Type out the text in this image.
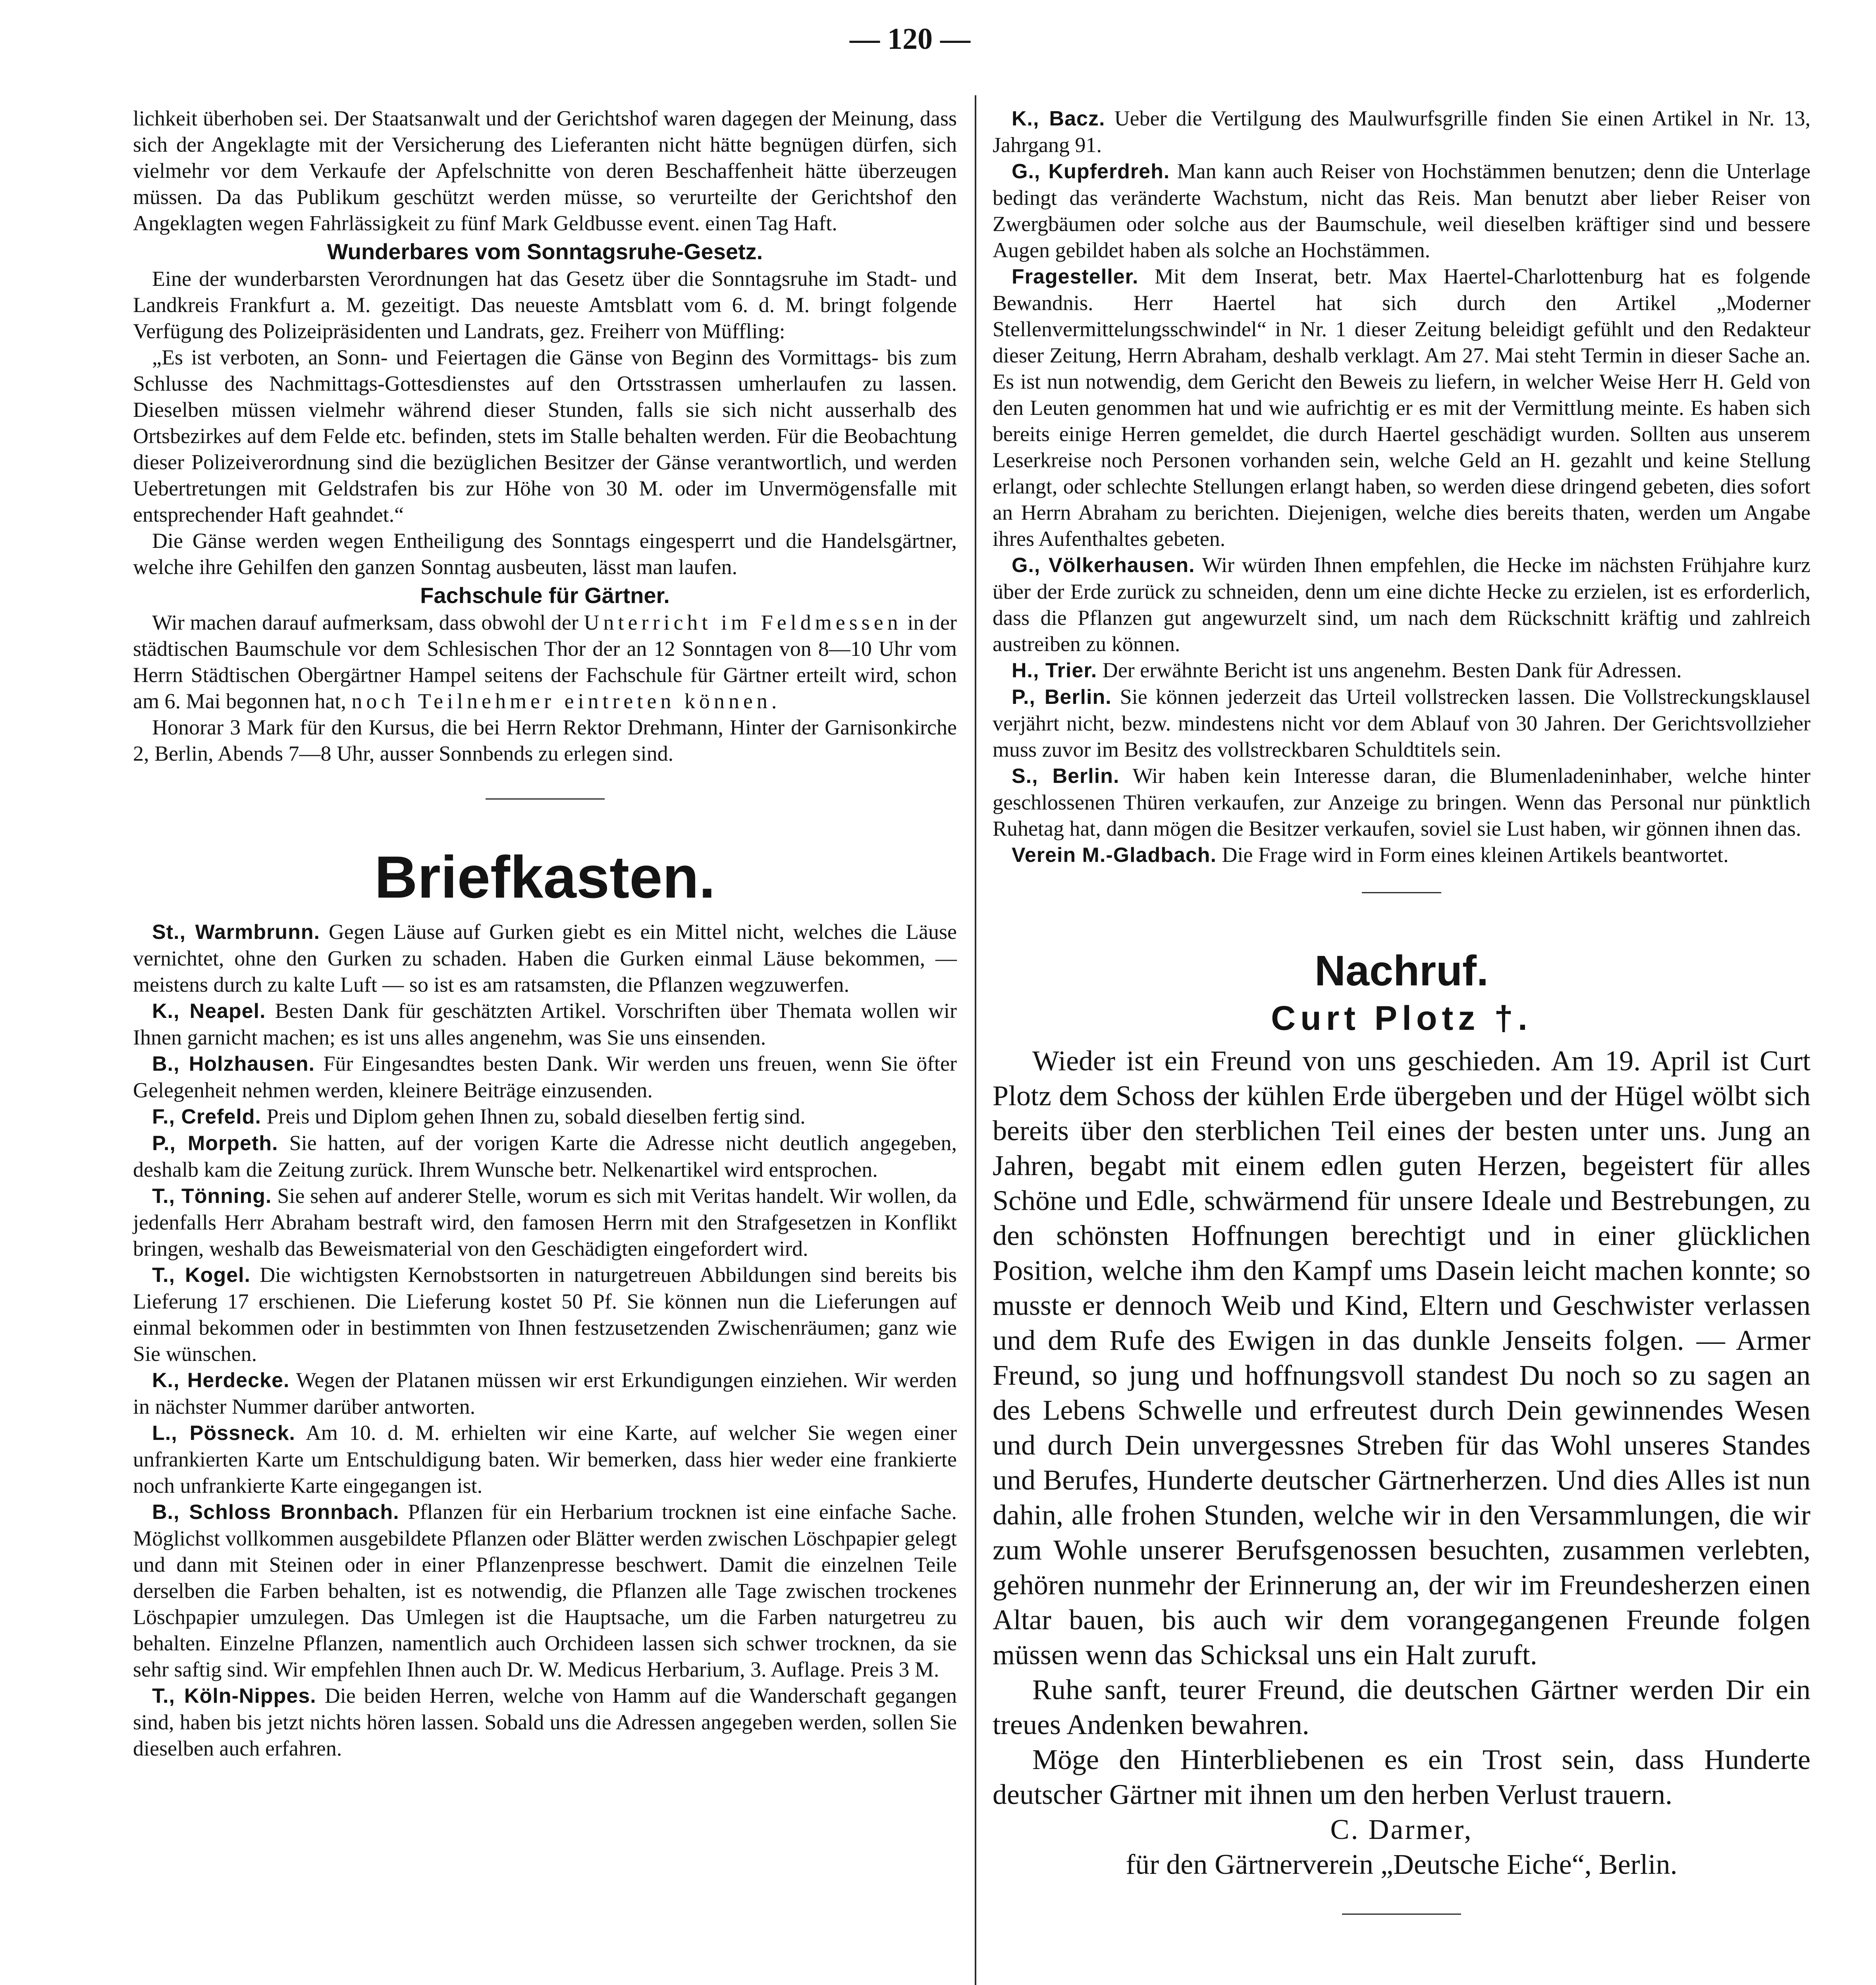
— 120 —

lichkeit überhoben sei. Der Staatsanwalt und der Gerichtshof waren dagegen der Meinung, dass sich der Angeklagte mit der Versicherung des Lieferanten nicht hätte begnügen dürfen, sich vielmehr vor dem Verkaufe der Apfelschnitte von deren Beschaffenheit hätte überzeugen müssen. Da das Publikum geschützt werden müsse, so verurteilte der Gerichtshof den Angeklagten wegen Fahrlässigkeit zu fünf Mark Geldbusse event. einen Tag Haft.

Wunderbares vom Sonntagsruhe-Gesetz.

Eine der wunderbarsten Verordnungen hat das Gesetz über die Sonntagsruhe im Stadt- und Landkreis Frankfurt a. M. gezeitigt. Das neueste Amtsblatt vom 6. d. M. bringt folgende Verfügung des Polizeipräsidenten und Landrats, gez. Freiherr von Müffling:

„Es ist verboten, an Sonn- und Feiertagen die Gänse von Beginn des Vormittags- bis zum Schlusse des Nachmittags-Gottesdienstes auf den Ortsstrassen umherlaufen zu lassen. Dieselben müssen vielmehr während dieser Stunden, falls sie sich nicht ausserhalb des Ortsbezirkes auf dem Felde etc. befinden, stets im Stalle behalten werden. Für die Beobachtung dieser Polizeiverordnung sind die bezüglichen Besitzer der Gänse verantwortlich, und werden Uebertretungen mit Geldstrafen bis zur Höhe von 30 M. oder im Unvermögensfalle mit entsprechender Haft geahndet.“

Die Gänse werden wegen Entheiligung des Sonntags eingesperrt und die Handelsgärtner, welche ihre Gehilfen den ganzen Sonntag ausbeuten, lässt man laufen.

Fachschule für Gärtner.

Wir machen darauf aufmerksam, dass obwohl der Unterricht im Feldmessen in der städtischen Baumschule vor dem Schlesischen Thor der an 12 Sonntagen von 8—10 Uhr vom Herrn Städtischen Obergärtner Hampel seitens der Fachschule für Gärtner erteilt wird, schon am 6. Mai begonnen hat, noch Teilnehmer eintreten können.

Honorar 3 Mark für den Kursus, die bei Herrn Rektor Drehmann, Hinter der Garnisonkirche 2, Berlin, Abends 7—8 Uhr, ausser Sonnbends zu erlegen sind.

Briefkasten.

St., Warmbrunn. Gegen Läuse auf Gurken giebt es ein Mittel nicht, welches die Läuse vernichtet, ohne den Gurken zu schaden. Haben die Gurken einmal Läuse bekommen, — meistens durch zu kalte Luft — so ist es am ratsamsten, die Pflanzen wegzuwerfen.

K., Neapel. Besten Dank für geschätzten Artikel. Vorschriften über Themata wollen wir Ihnen garnicht machen; es ist uns alles angenehm, was Sie uns einsenden.

B., Holzhausen. Für Eingesandtes besten Dank. Wir werden uns freuen, wenn Sie öfter Gelegenheit nehmen werden, kleinere Beiträge einzusenden.

F., Crefeld. Preis und Diplom gehen Ihnen zu, sobald dieselben fertig sind.

P., Morpeth. Sie hatten, auf der vorigen Karte die Adresse nicht deutlich angegeben, deshalb kam die Zeitung zurück. Ihrem Wunsche betr. Nelkenartikel wird entsprochen.

T., Tönning. Sie sehen auf anderer Stelle, worum es sich mit Veritas handelt. Wir wollen, da jedenfalls Herr Abraham bestraft wird, den famosen Herrn mit den Strafgesetzen in Konflikt bringen, weshalb das Beweismaterial von den Geschädigten eingefordert wird.

T., Kogel. Die wichtigsten Kernobstsorten in naturgetreuen Abbildungen sind bereits bis Lieferung 17 erschienen. Die Lieferung kostet 50 Pf. Sie können nun die Lieferungen auf einmal bekommen oder in bestimmten von Ihnen festzusetzenden Zwischenräumen; ganz wie Sie wünschen.

K., Herdecke. Wegen der Platanen müssen wir erst Erkundigungen einziehen. Wir werden in nächster Nummer darüber antworten.

L., Pössneck. Am 10. d. M. erhielten wir eine Karte, auf welcher Sie wegen einer unfrankierten Karte um Entschuldigung baten. Wir bemerken, dass hier weder eine frankierte noch unfrankierte Karte eingegangen ist.

B., Schloss Bronnbach. Pflanzen für ein Herbarium trocknen ist eine einfache Sache. Möglichst vollkommen ausgebildete Pflanzen oder Blätter werden zwischen Löschpapier gelegt und dann mit Steinen oder in einer Pflanzenpresse beschwert. Damit die einzelnen Teile derselben die Farben behalten, ist es notwendig, die Pflanzen alle Tage zwischen trockenes Löschpapier umzulegen. Das Umlegen ist die Hauptsache, um die Farben naturgetreu zu behalten. Einzelne Pflanzen, namentlich auch Orchideen lassen sich schwer trocknen, da sie sehr saftig sind. Wir empfehlen Ihnen auch Dr. W. Medicus Herbarium, 3. Auflage. Preis 3 M.

T., Köln-Nippes. Die beiden Herren, welche von Hamm auf die Wanderschaft gegangen sind, haben bis jetzt nichts hören lassen. Sobald uns die Adressen angegeben werden, sollen Sie dieselben auch erfahren.

K., Bacz. Ueber die Vertilgung des Maulwurfsgrille finden Sie einen Artikel in Nr. 13, Jahrgang 91.

G., Kupferdreh. Man kann auch Reiser von Hochstämmen benutzen; denn die Unterlage bedingt das veränderte Wachstum, nicht das Reis. Man benutzt aber lieber Reiser von Zwergbäumen oder solche aus der Baumschule, weil dieselben kräftiger sind und bessere Augen gebildet haben als solche an Hochstämmen.

Fragesteller. Mit dem Inserat, betr. Max Haertel-Charlottenburg hat es folgende Bewandnis. Herr Haertel hat sich durch den Artikel „Moderner Stellenvermittelungsschwindel“ in Nr. 1 dieser Zeitung beleidigt gefühlt und den Redakteur dieser Zeitung, Herrn Abraham, deshalb verklagt. Am 27. Mai steht Termin in dieser Sache an. Es ist nun notwendig, dem Gericht den Beweis zu liefern, in welcher Weise Herr H. Geld von den Leuten genommen hat und wie aufrichtig er es mit der Vermittlung meinte. Es haben sich bereits einige Herren gemeldet, die durch Haertel geschädigt wurden. Sollten aus unserem Leserkreise noch Personen vorhanden sein, welche Geld an H. gezahlt und keine Stellung erlangt, oder schlechte Stellungen erlangt haben, so werden diese dringend gebeten, dies sofort an Herrn Abraham zu berichten. Diejenigen, welche dies bereits thaten, werden um Angabe ihres Aufenthaltes gebeten.

G., Völkerhausen. Wir würden Ihnen empfehlen, die Hecke im nächsten Frühjahre kurz über der Erde zurück zu schneiden, denn um eine dichte Hecke zu erzielen, ist es erforderlich, dass die Pflanzen gut angewurzelt sind, um nach dem Rückschnitt kräftig und zahlreich austreiben zu können.

H., Trier. Der erwähnte Bericht ist uns angenehm. Besten Dank für Adressen.

P., Berlin. Sie können jederzeit das Urteil vollstrecken lassen. Die Vollstreckungsklausel verjährt nicht, bezw. mindestens nicht vor dem Ablauf von 30 Jahren. Der Gerichtsvollzieher muss zuvor im Besitz des vollstreckbaren Schuldtitels sein.

S., Berlin. Wir haben kein Interesse daran, die Blumenladeninhaber, welche hinter geschlossenen Thüren verkaufen, zur Anzeige zu bringen. Wenn das Personal nur pünktlich Ruhetag hat, dann mögen die Besitzer verkaufen, soviel sie Lust haben, wir gönnen ihnen das.

Verein M.-Gladbach. Die Frage wird in Form eines kleinen Artikels beantwortet.

Nachruf.
Curt Plotz †.

Wieder ist ein Freund von uns geschieden. Am 19. April ist Curt Plotz dem Schoss der kühlen Erde übergeben und der Hügel wölbt sich bereits über den sterblichen Teil eines der besten unter uns. Jung an Jahren, begabt mit einem edlen guten Herzen, begeistert für alles Schöne und Edle, schwärmend für unsere Ideale und Bestrebungen, zu den schönsten Hoffnungen berechtigt und in einer glücklichen Position, welche ihm den Kampf ums Dasein leicht machen konnte; so musste er dennoch Weib und Kind, Eltern und Geschwister verlassen und dem Rufe des Ewigen in das dunkle Jenseits folgen. — Armer Freund, so jung und hoffnungsvoll standest Du noch so zu sagen an des Lebens Schwelle und erfreutest durch Dein gewinnendes Wesen und durch Dein unvergessnes Streben für das Wohl unseres Standes und Berufes, Hunderte deutscher Gärtnerherzen. Und dies Alles ist nun dahin, alle frohen Stunden, welche wir in den Versammlungen, die wir zum Wohle unserer Berufsgenossen besuchten, zusammen verlebten, gehören nunmehr der Erinnerung an, der wir im Freundesherzen einen Altar bauen, bis auch wir dem vorangegangenen Freunde folgen müssen wenn das Schicksal uns ein Halt zuruft.

Ruhe sanft, teurer Freund, die deutschen Gärtner werden Dir ein treues Andenken bewahren.

Möge den Hinterbliebenen es ein Trost sein, dass Hunderte deutscher Gärtner mit ihnen um den herben Verlust trauern.

C. Darmer,
für den Gärtnerverein „Deutsche Eiche“, Berlin.
